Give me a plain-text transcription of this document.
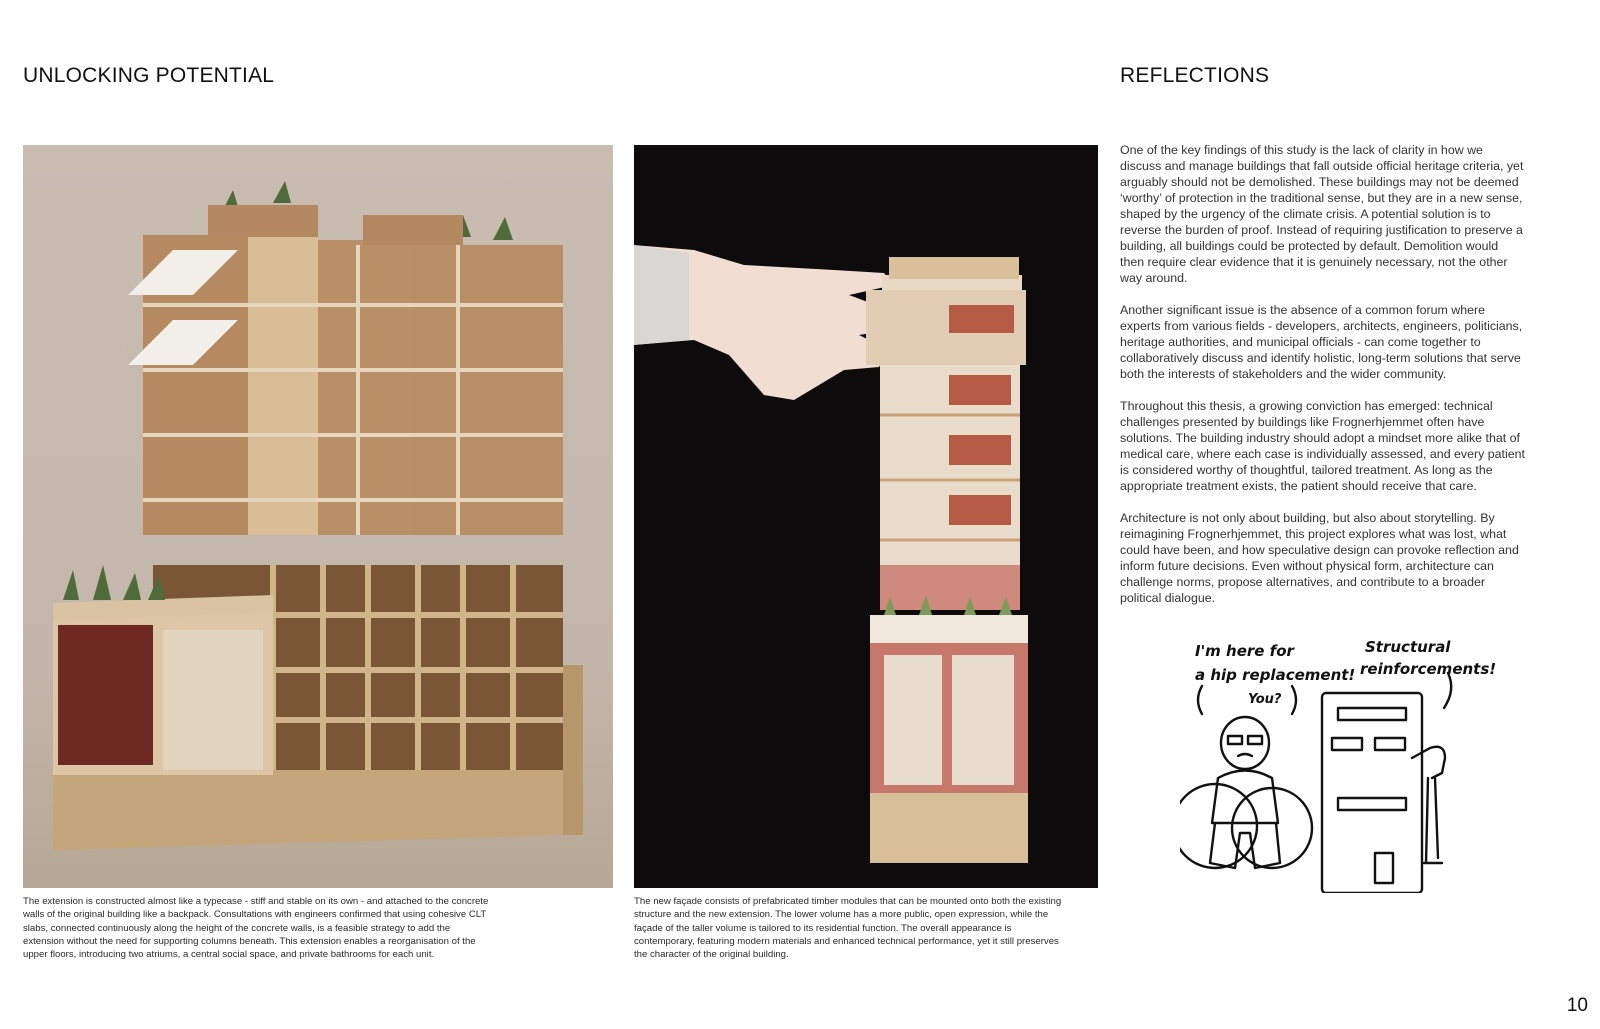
UNLOCKING POTENTIAL	REFLECTIONS

The extension is constructed almost like a typecase - stiff and stable on its own - and attached to the concrete walls of the original building like a backpack. Consultations with engineers confirmed that using cohesive CLT slabs, connected continuously along the height of the concrete walls, is a feasible strategy to add the extension without the need for supporting columns beneath. This extension enables a reorganisation of the upper floors, introducing two atriums, a central social space, and private bathrooms for each unit.

The new façade consists of prefabricated timber modules that can be mounted onto both the existing structure and the new extension. The lower volume has a more public, open expression, while the façade of the taller volume is tailored to its residential function. The overall appearance is contemporary, featuring modern materials and enhanced technical performance, yet it still preserves the character of the original building.

One of the key findings of this study is the lack of clarity in how we discuss and manage buildings that fall outside official heritage criteria, yet arguably should not be demolished. These buildings may not be deemed ‘worthy’ of protection in the traditional sense, but they are in a new sense, shaped by the urgency of the climate crisis. A potential solution is to reverse the burden of proof. Instead of requiring justification to preserve a building, all buildings could be protected by default. Demolition would then require clear evidence that it is genuinely necessary, not the other way around.

Another significant issue is the absence of a common forum where experts from various fields - developers, architects, engineers, politicians, heritage authorities, and municipal officials - can come together to collaboratively discuss and identify holistic, long-term solutions that serve both the interests of stakeholders and the wider community.

Throughout this thesis, a growing conviction has emerged: technical challenges presented by buildings like Frognerhjemmet often have solutions. The building industry should adopt a mindset more alike that of medical care, where each case is individually assessed, and every patient is considered worthy of thoughtful, tailored treatment. As long as the appropriate treatment exists, the patient should receive that care.

Architecture is not only about building, but also about storytelling. By reimagining Frognerhjemmet, this project explores what was lost, what could have been, and how speculative design can provoke reflection and inform future decisions. Even without physical form, architecture can challenge norms, propose alternatives, and contribute to a broader political dialogue.

I'm here for
a hip replacement!
You?
Structural
reinforcements!
10
